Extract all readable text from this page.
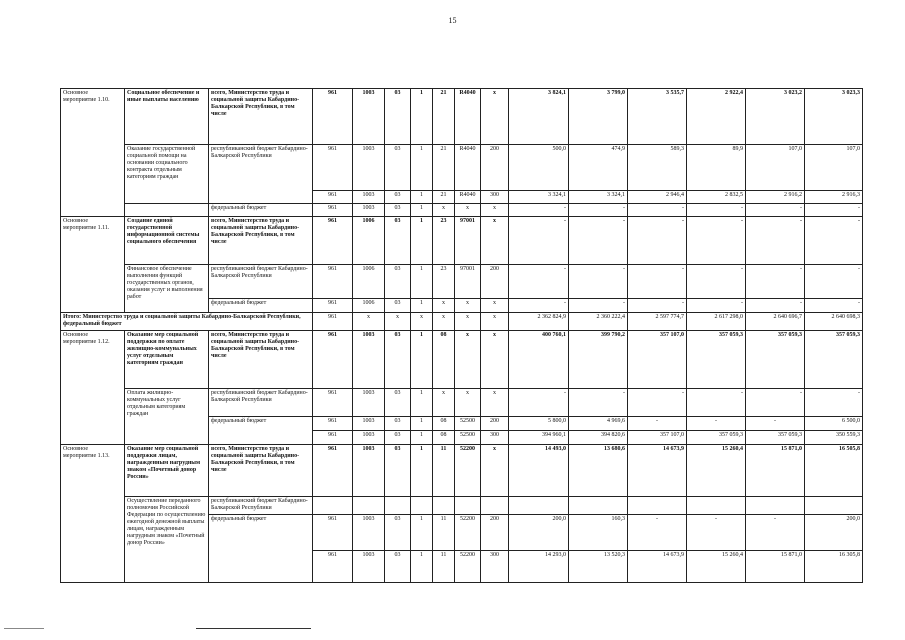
15
Основное мероприятие 1.10.	Социальное обеспечение и иные выплаты населению	всего, Министерство труда и социальной защиты Кабардино-Балкарской Республики, в том числе	961	1003	03	1	21	R4040	x	3 824,1	3 799,0	3 535,7	2 922,4	3 023,2	3 023,3
	Оказание государственной социальной помощи на основании социального контракта отдельным категориям граждан	республиканский бюджет Кабардино-Балкарской Республики	961	1003	03	1	21	R4040	200	500,0	474,9	589,3	89,9	107,0	107,0
			961	1003	03	1	21	R4040	300	3 324,1	3 324,1	2 946,4	2 832,5	2 916,2	2 916,3
		федеральный бюджет	961	1003	03	1	x	x	x	-	-	-	-	-	-
Основное мероприятие 1.11.	Создание единой государственной информационной системы социального обеспечения	всего, Министерство труда и социальной защиты Кабардино-Балкарской Республики, в том числе	961	1006	03	1	23	97001	x	-	-	-	-	-	-
	Финансовое обеспечение выполнения функций государственных органов, оказания услуг и выполнения работ	республиканский бюджет Кабардино-Балкарской Республики	961	1006	03	1	23	97001	200	-	-	-	-	-	-
		федеральный бюджет	961	1006	03	1	x	x	x	-	-	-	-	-	-
Итого: Министерство труда и социальной защиты Кабардино-Балкарской Республики, федеральный бюджет			961	x	x	x	x	x	x	2 362 824,9	2 360 222,4	2 597 774,7	2 617 298,0	2 640 696,7	2 640 698,3
Основное мероприятие 1.12.	Оказание мер социальной поддержки по оплате жилищно-коммунальных услуг отдельным категориям граждан	всего, Министерство труда и социальной защиты Кабардино-Балкарской Республики, в том числе	961	1003	03	1	08	x	x	400 760,1	399 790,2	357 107,0	357 059,3	357 059,3	357 059,3
	Оплата жилищно-коммунальных услуг отдельным категориям граждан	республиканский бюджет Кабардино-Балкарской Республики	961	1003	03	1	x	x	x	-	-	-	-	-	-
		федеральный бюджет	961	1003	03	1	08	52500	200	5 800,0	4 969,6	-	-	-	6 500,0
			961	1003	03	1	08	52500	300	394 960,1	394 820,6	357 107,0	357 059,3	357 059,3	350 559,3
Основное мероприятие 1.13.	Оказание мер социальной поддержки лицам, награжденным нагрудным знаком «Почетный донор России»	всего, Министерство труда и социальной защиты Кабардино-Балкарской Республики, в том числе	961	1003	03	1	11	52200	x	14 493,0	13 680,6	14 673,9	15 260,4	15 871,0	16 505,8
	Осуществление переданного полномочия Российской Федерации по осуществлению ежегодной денежной выплаты лицам, награжденным нагрудным знаком «Почетный донор России»	республиканский бюджет Кабардино-Балкарской Республики													
		федеральный бюджет	961	1003	03	1	11	52200	200	200,0	160,3	-	-	-	200,0
			961	1003	03	1	11	52200	300	14 293,0	13 520,3	14 673,9	15 260,4	15 871,0	16 305,8
